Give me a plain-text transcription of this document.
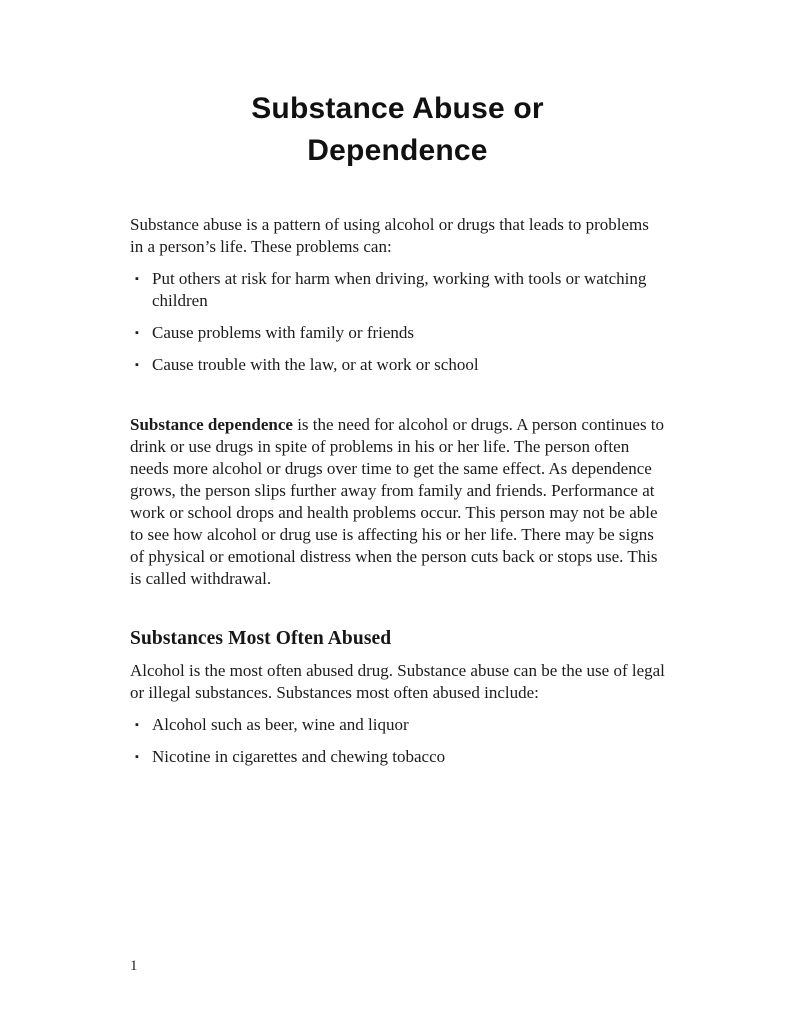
Substance Abuse or
Dependence

Substance abuse is a pattern of using alcohol or drugs that leads to problems in a person’s life. These problems can:

▪ Put others at risk for harm when driving, working with tools or watching children
▪ Cause problems with family or friends
▪ Cause trouble with the law, or at work or school

Substance dependence is the need for alcohol or drugs. A person continues to drink or use drugs in spite of problems in his or her life. The person often needs more alcohol or drugs over time to get the same effect. As dependence grows, the person slips further away from family and friends. Performance at work or school drops and health problems occur. This person may not be able to see how alcohol or drug use is affecting his or her life. There may be signs of physical or emotional distress when the person cuts back or stops use. This is called withdrawal.

Substances Most Often Abused

Alcohol is the most often abused drug. Substance abuse can be the use of legal or illegal substances. Substances most often abused include:

▪ Alcohol such as beer, wine and liquor
▪ Nicotine in cigarettes and chewing tobacco
1
